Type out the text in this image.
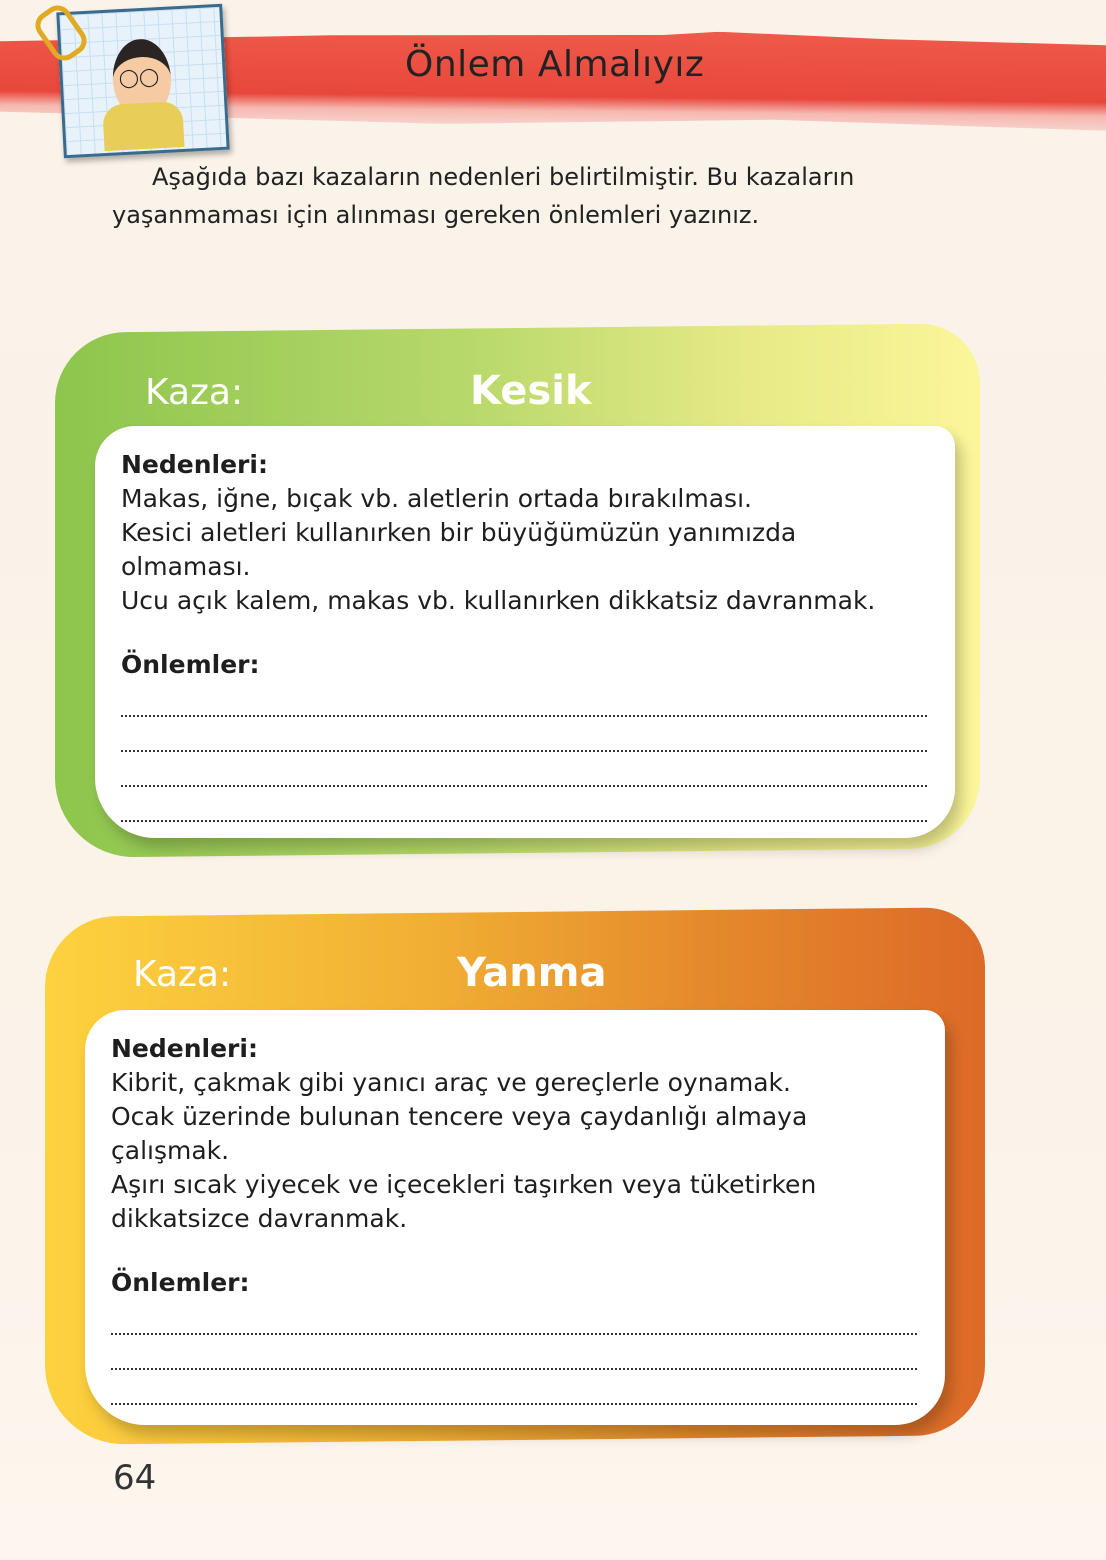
◯◯	Önlem Almalıyız
Aşağıda bazı kazaların nedenleri belirtilmiştir. Bu kazaların
yaşanmaması için alınması gereken önlemleri yazınız.
Kaza:	Kesik
Nedenleri:
Makas, iğne, bıçak vb. aletlerin ortada bırakılması.
Kesici aletleri kullanırken bir büyüğümüzün yanımızda
olmaması.
Ucu açık kalem, makas vb. kullanırken dikkatsiz davranmak.
Önlemler:
Kaza:	Yanma
Nedenleri:
Kibrit, çakmak gibi yanıcı araç ve gereçlerle oynamak.
Ocak üzerinde bulunan tencere veya çaydanlığı almaya
çalışmak.
Aşırı sıcak yiyecek ve içecekleri taşırken veya tüketirken
dikkatsizce davranmak.
Önlemler:
64
